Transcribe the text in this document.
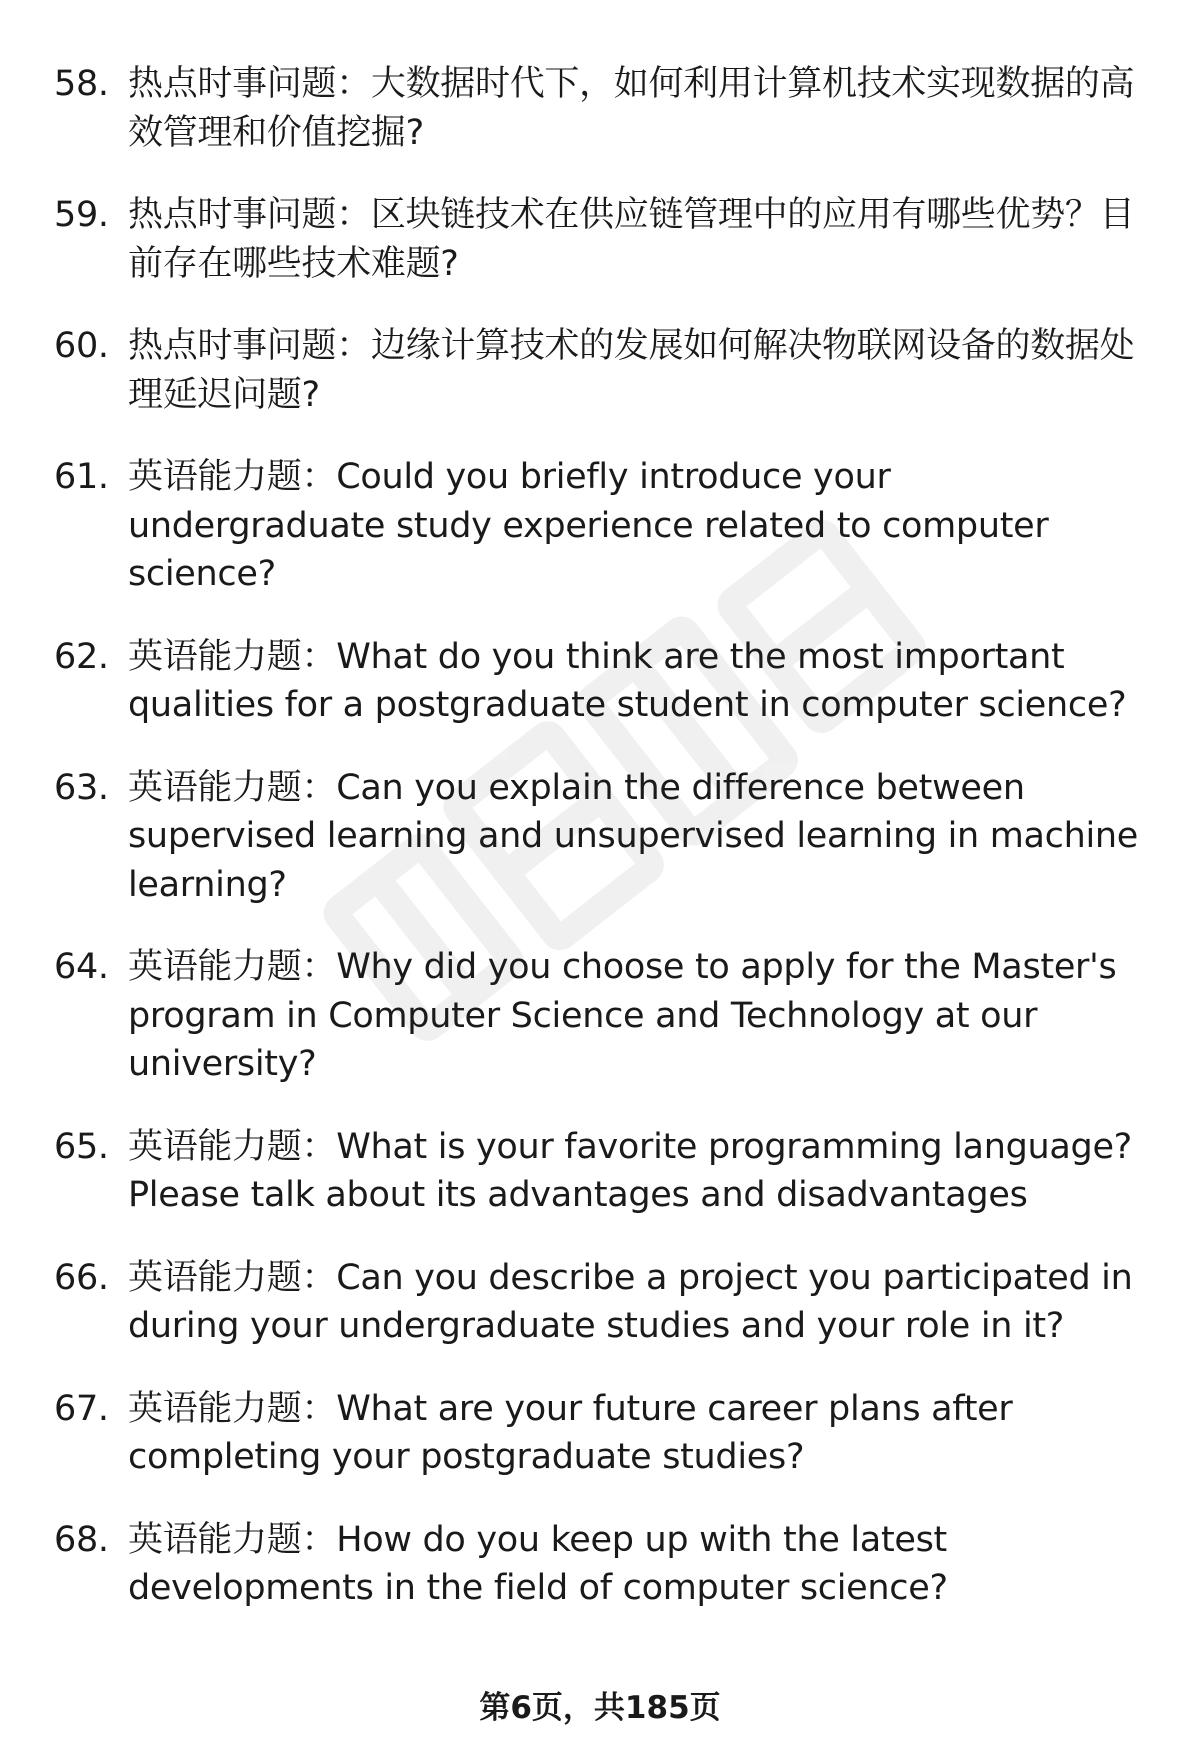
58. 热点时事问题：大数据时代下，如何利用计算机技术实现数据的高效管理和价值挖掘?
59. 热点时事问题：区块链技术在供应链管理中的应用有哪些优势？目前存在哪些技术难题?
60. 热点时事问题：边缘计算技术的发展如何解决物联网设备的数据处理延迟问题?
61. 英语能力题：Could you briefly introduce your undergraduate study experience related to computer science?
62. 英语能力题：What do you think are the most important qualities for a postgraduate student in computer science?
63. 英语能力题：Can you explain the difference between supervised learning and unsupervised learning in machine learning?
64. 英语能力题：Why did you choose to apply for the Master's program in Computer Science and Technology at our university?
65. 英语能力题：What is your favorite programming language? Please talk about its advantages and disadvantages
66. 英语能力题：Can you describe a project you participated in during your undergraduate studies and your role in it?
67. 英语能力题：What are your future career plans after completing your postgraduate studies?
68. 英语能力题：How do you keep up with the latest developments in the field of computer science?
第6页，共185页
